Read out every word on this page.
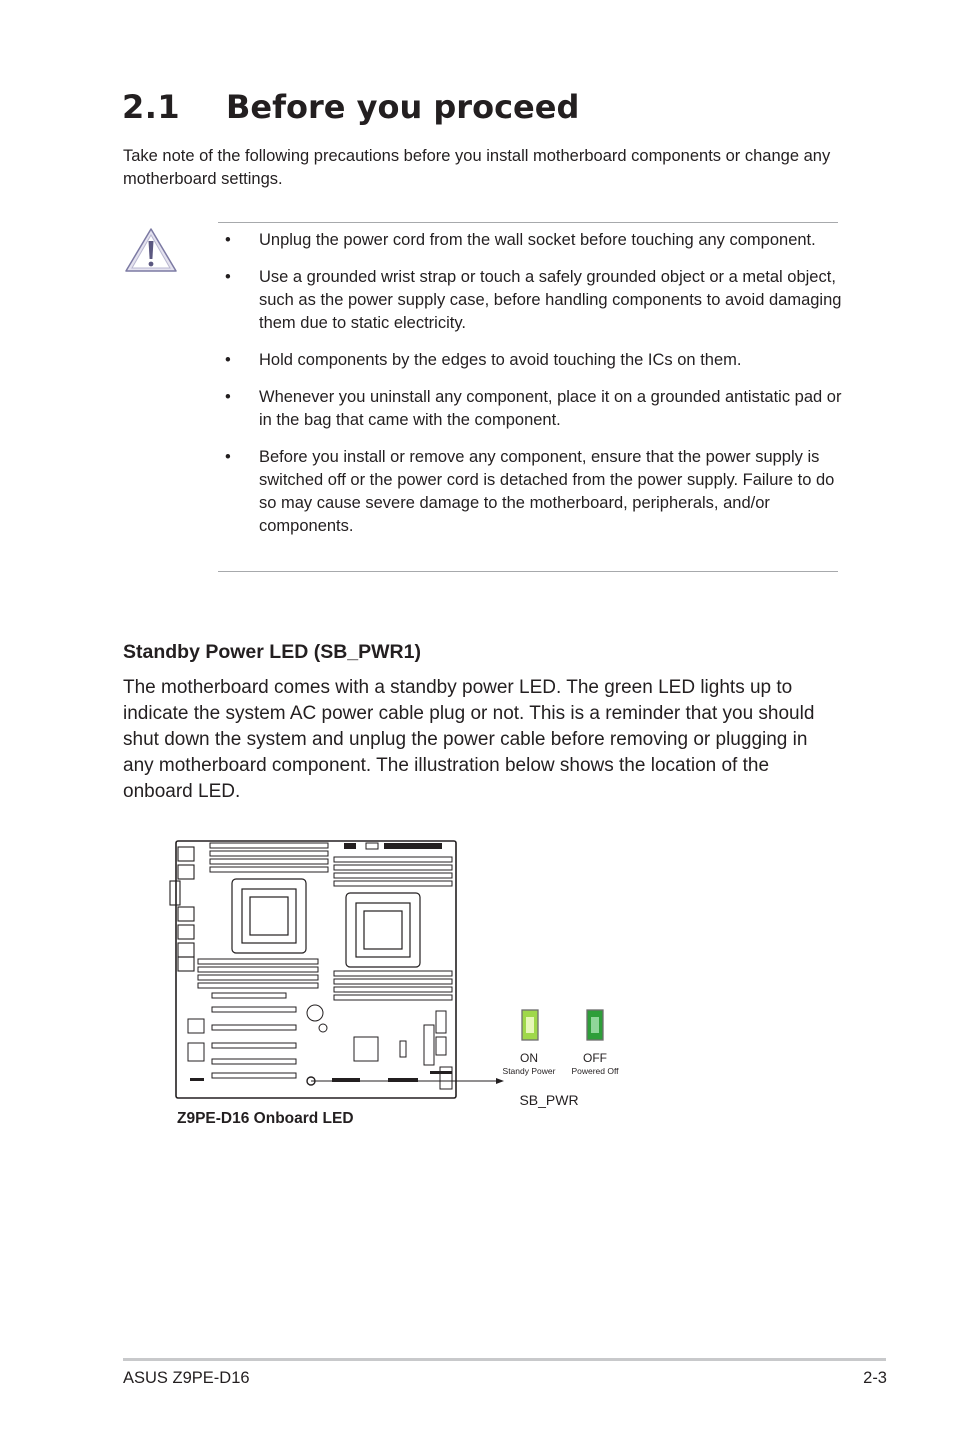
2.1 Before you proceed
Take note of the following precautions before you install motherboard components or change any motherboard settings.
• Unplug the power cord from the wall socket before touching any component.
• Use a grounded wrist strap or touch a safely grounded object or a metal object, such as the power supply case, before handling components to avoid damaging them due to static electricity.
• Hold components by the edges to avoid touching the ICs on them.
• Whenever you uninstall any component, place it on a grounded antistatic pad or in the bag that came with the component.
• Before you install or remove any component, ensure that the power supply is switched off or the power cord is detached from the power supply. Failure to do so may cause severe damage to the motherboard, peripherals, and/or components.
Standby Power LED (SB_PWR1)
The motherboard comes with a standby power LED. The green LED lights up to indicate the system AC power cable plug or not. This is a reminder that you should shut down the system and unplug the power cable before removing or plugging in any motherboard component. The illustration below shows the location of the onboard LED.
ON
Standy Power
OFF
Powered Off
SB_PWR
Z9PE-D16 Onboard LED
ASUS Z9PE-D16	2-3
